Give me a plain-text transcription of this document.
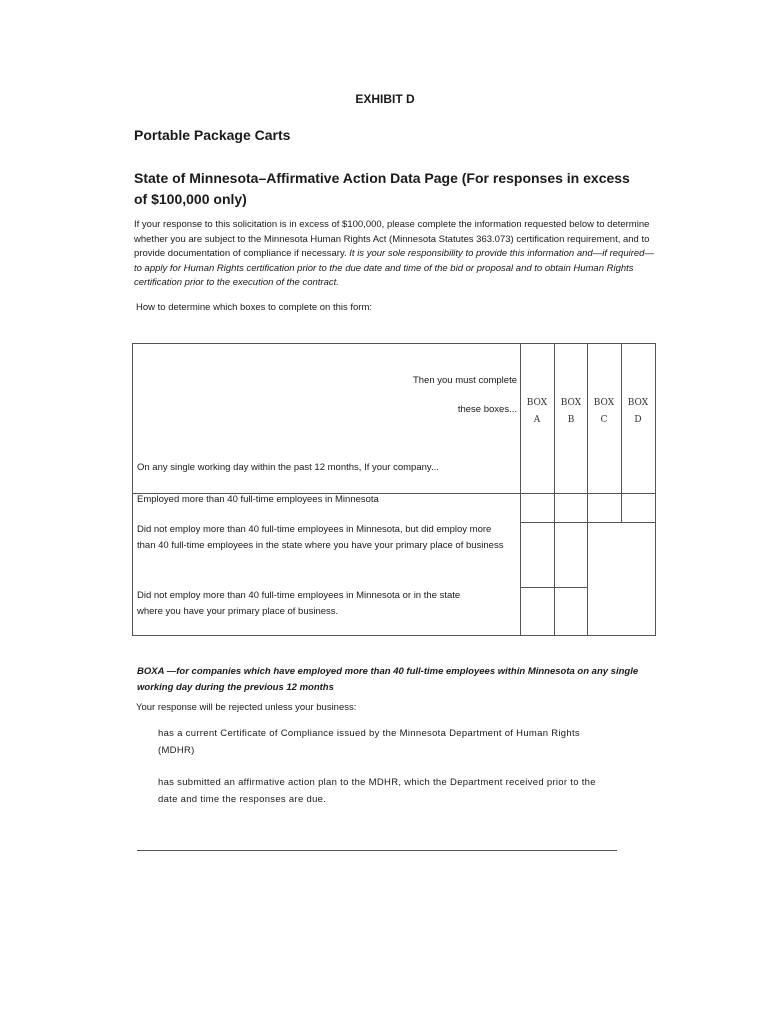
EXHIBIT D
Portable Package Carts
State of Minnesota–Affirmative Action Data Page (For responses in excess of $100,000 only)
If your response to this solicitation is in excess of $100,000, please complete the information requested below to determine whether you are subject to the Minnesota Human Rights Act (Minnesota Statutes 363.073) certification requirement, and to provide documentation of compliance if necessary. It is your sole responsibility to provide this information and—if required—to apply for Human Rights certification prior to the due date and time of the bid or proposal and to obtain Human Rights certification prior to the execution of the contract.
How to determine which boxes to complete on this form:
Then you must complete
these boxes...
BOX
A
BOX
B
BOX
C
BOX
D
On any single working day within the past 12 months, If your company...
Employed more than 40 full-time employees in Minnesota
Did not employ more than 40 full-time employees in Minnesota, but did employ more than 40 full-time employees in the state where you have your primary place of business
Did not employ more than 40 full-time employees in Minnesota or in the state where you have your primary place of business.
BOXA —for companies which have employed more than 40 full-time employees within Minnesota on any single working day during the previous 12 months
Your response will be rejected unless your business:
has a current Certificate of Compliance issued by the Minnesota Department of Human Rights (MDHR)
has submitted an affirmative action plan to the MDHR, which the Department received prior to the date and time the responses are due.
